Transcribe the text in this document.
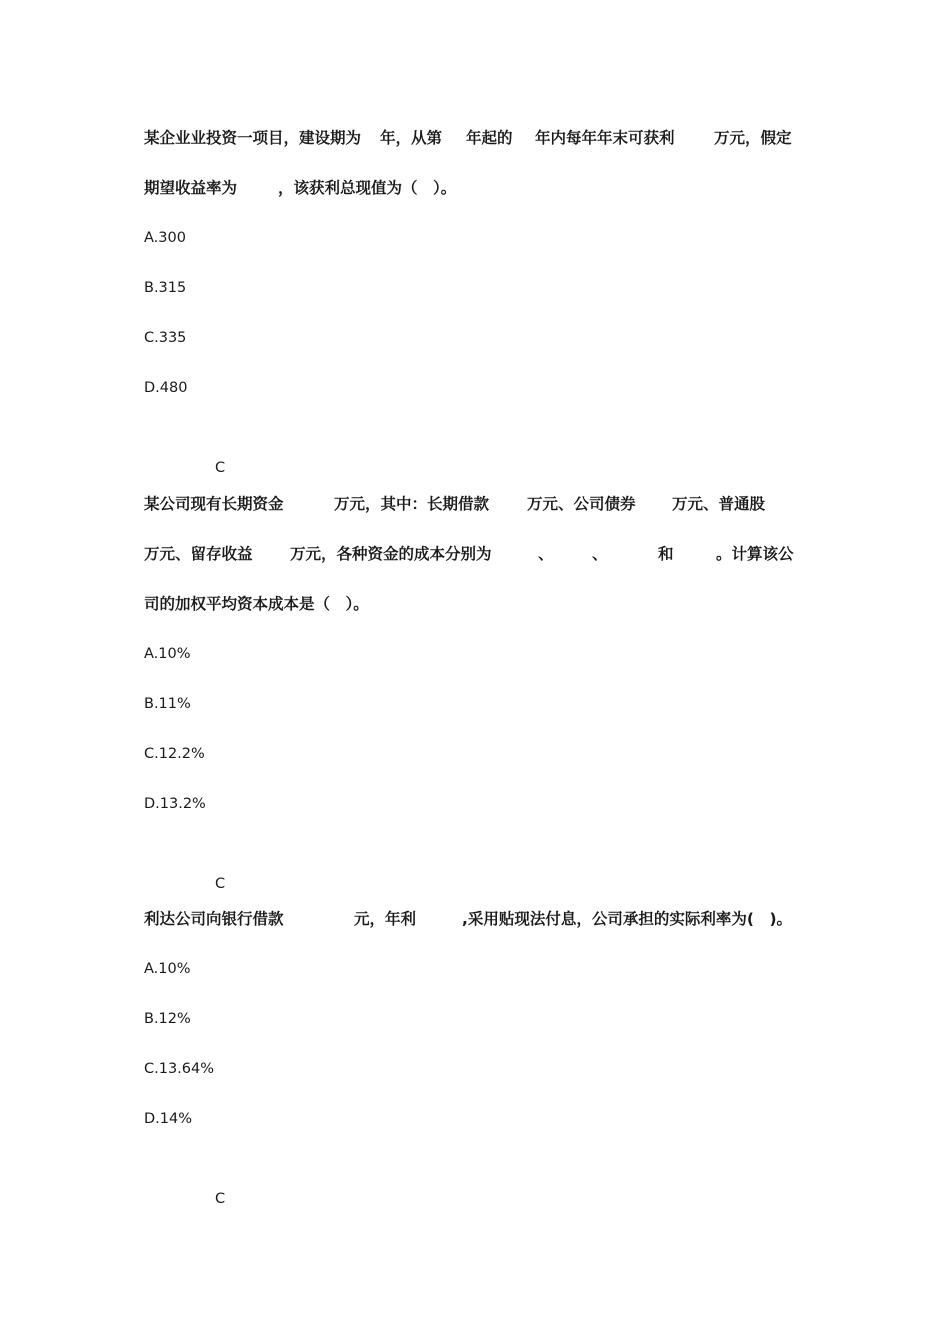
某企业业投资一项目，建设期为 年，从第 年起的 年内每年年末可获利	万元，假定
期望收益率为	，该获利总现值为（　）。
A.300
B.315
C.335
D.480
C
某公司现有长期资金	万元，其中：长期借款 万元、公司债券 万元、普通股
万元、留存收益 万元，各种资金的成本分别为	、 、	和	。计算该公
司的加权平均资本成本是（　）。
A.10%
B.11%
C.12.2%
D.13.2%
C
利达公司向银行借款	元，年利	,采用贴现法付息，公司承担的实际利率为(　)。
A.10%
B.12%
C.13.64%
D.14%
C
